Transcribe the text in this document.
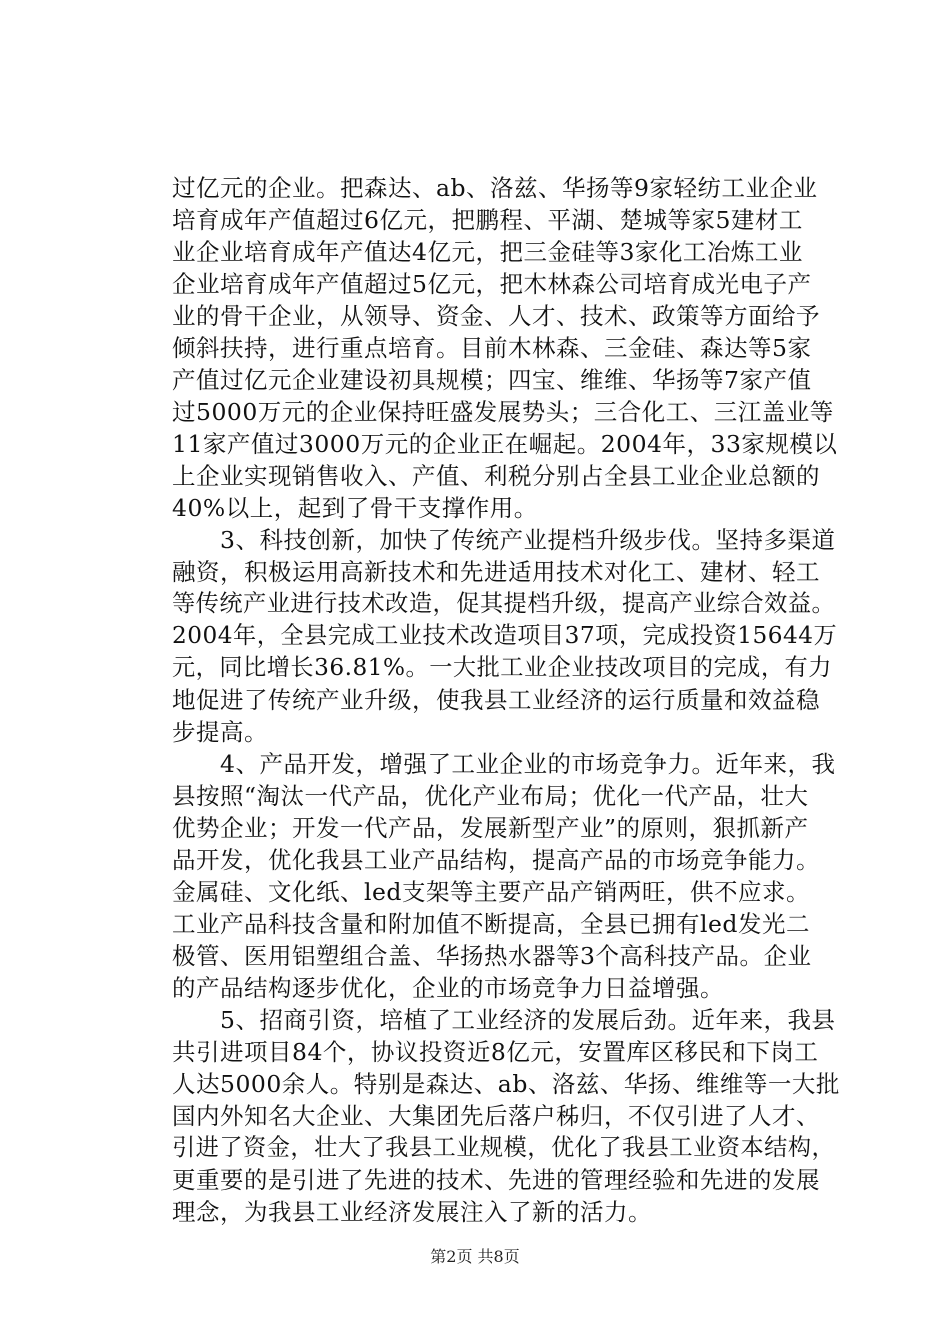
过亿元的企业。把森达、ab、洛兹、华扬等9家轻纺工业企业
培育成年产值超过6亿元，把鹏程、平湖、楚城等家5建材工
业企业培育成年产值达4亿元，把三金硅等3家化工冶炼工业
企业培育成年产值超过5亿元，把木林森公司培育成光电子产
业的骨干企业，从领导、资金、人才、技术、政策等方面给予
倾斜扶持，进行重点培育。目前木林森、三金硅、森达等5家
产值过亿元企业建设初具规模；四宝、维维、华扬等7家产值
过5000万元的企业保持旺盛发展势头；三合化工、三江盖业等
11家产值过3000万元的企业正在崛起。2004年，33家规模以
上企业实现销售收入、产值、利税分别占全县工业企业总额的
40%以上，起到了骨干支撑作用。
3、科技创新，加快了传统产业提档升级步伐。坚持多渠道
融资，积极运用高新技术和先进适用技术对化工、建材、轻工
等传统产业进行技术改造，促其提档升级，提高产业综合效益。
2004年，全县完成工业技术改造项目37项，完成投资15644万
元，同比增长36.81%。一大批工业企业技改项目的完成，有力
地促进了传统产业升级，使我县工业经济的运行质量和效益稳
步提高。
4、产品开发，增强了工业企业的市场竞争力。近年来，我
县按照“淘汰一代产品，优化产业布局；优化一代产品，壮大
优势企业；开发一代产品，发展新型产业”的原则，狠抓新产
品开发，优化我县工业产品结构，提高产品的市场竞争能力。
金属硅、文化纸、led支架等主要产品产销两旺，供不应求。
工业产品科技含量和附加值不断提高，全县已拥有led发光二
极管、医用铝塑组合盖、华扬热水器等3个高科技产品。企业
的产品结构逐步优化，企业的市场竞争力日益增强。
5、招商引资，培植了工业经济的发展后劲。近年来，我县
共引进项目84个，协议投资近8亿元，安置库区移民和下岗工
人达5000余人。特别是森达、ab、洛兹、华扬、维维等一大批
国内外知名大企业、大集团先后落户秭归，不仅引进了人才、
引进了资金，壮大了我县工业规模，优化了我县工业资本结构，
更重要的是引进了先进的技术、先进的管理经验和先进的发展
理念，为我县工业经济发展注入了新的活力。
第2页 共8页
